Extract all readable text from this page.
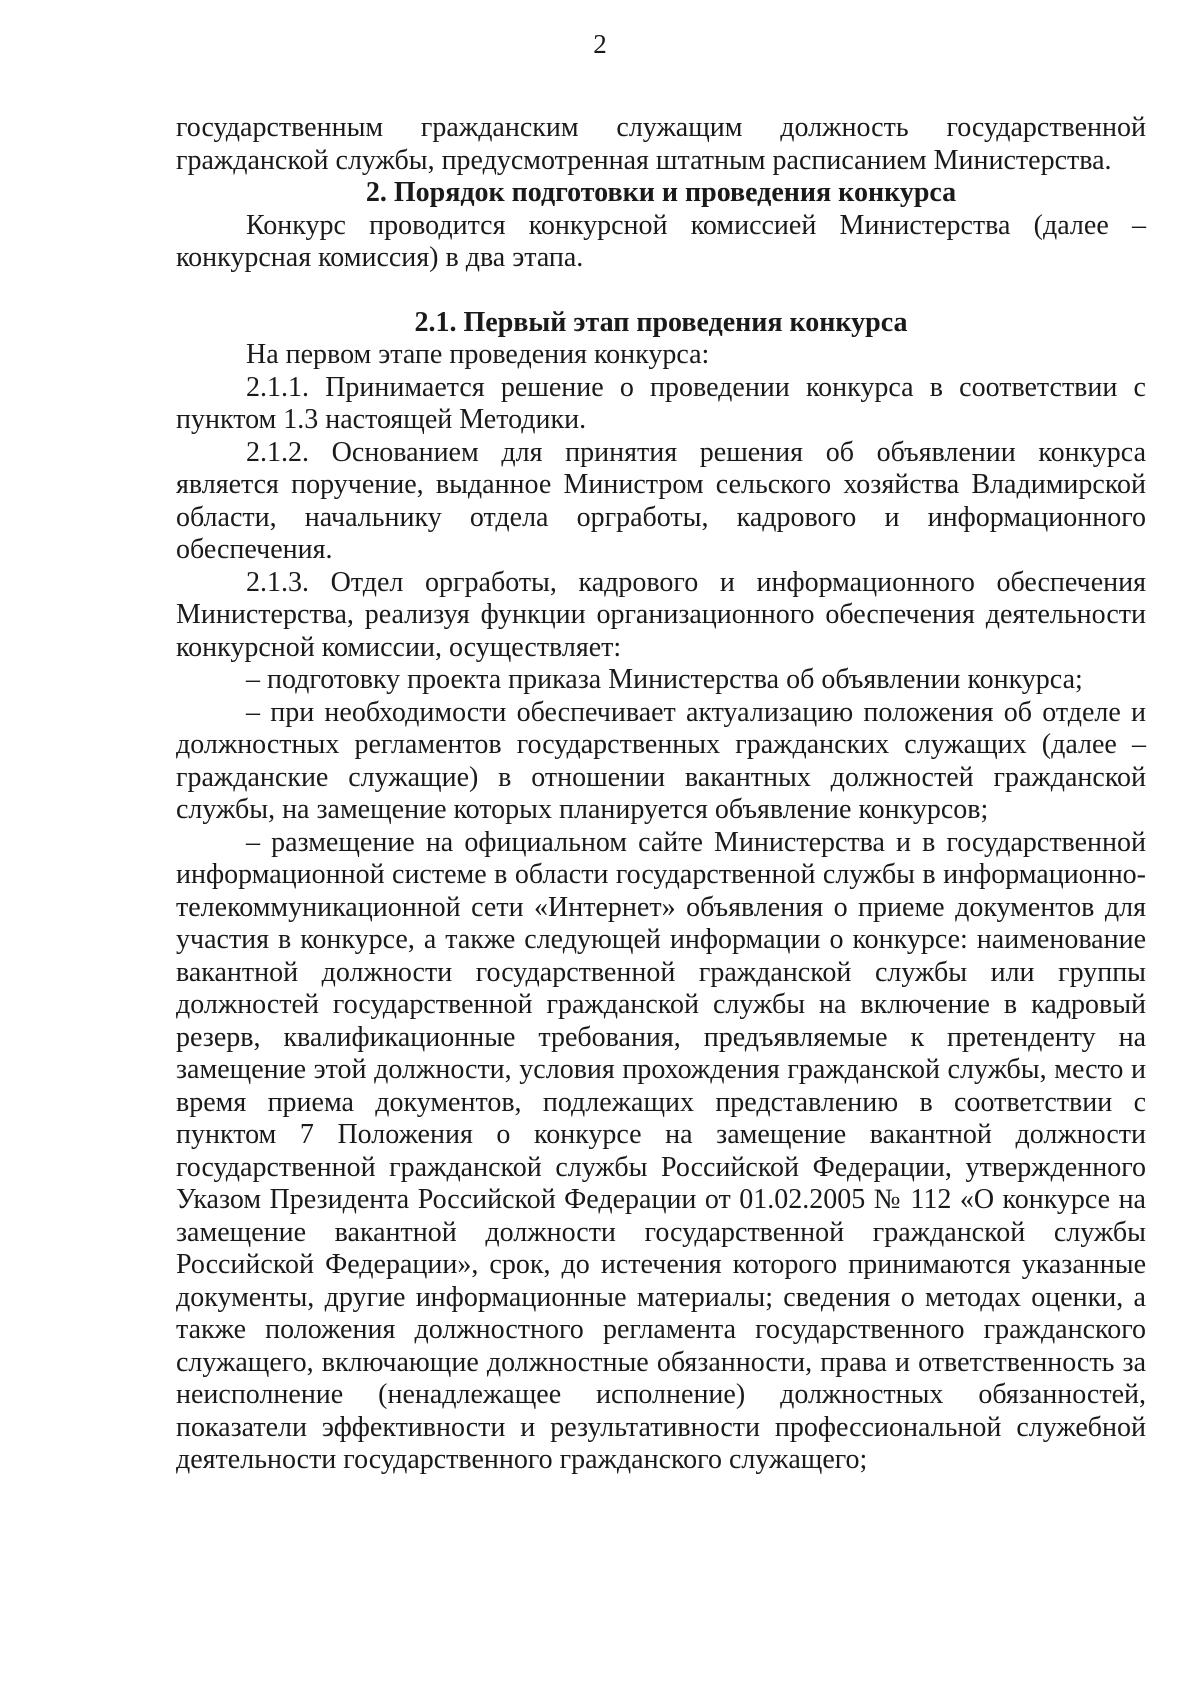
2

государственным гражданским служащим должность государственной гражданской службы, предусмотренная штатным расписанием Министерства.

2. Порядок подготовки и проведения конкурса

Конкурс проводится конкурсной комиссией Министерства (далее – конкурсная комиссия) в два этапа.

2.1. Первый этап проведения конкурса

На первом этапе проведения конкурса:

2.1.1. Принимается решение о проведении конкурса в соответствии с пунктом 1.3 настоящей Методики.

2.1.2. Основанием для принятия решения об объявлении конкурса является поручение, выданное Министром сельского хозяйства Владимирской области, начальнику отдела оргработы, кадрового и информационного обеспечения.

2.1.3. Отдел оргработы, кадрового и информационного обеспечения Министерства, реализуя функции организационного обеспечения деятельности конкурсной комиссии, осуществляет:

– подготовку проекта приказа Министерства об объявлении конкурса;

– при необходимости обеспечивает актуализацию положения об отделе и должностных регламентов государственных гражданских служащих (далее – гражданские служащие) в отношении вакантных должностей гражданской службы, на замещение которых планируется объявление конкурсов;

– размещение на официальном сайте Министерства и в государственной информационной системе в области государственной службы в информационно-телекоммуникационной сети «Интернет» объявления о приеме документов для участия в конкурсе, а также следующей информации о конкурсе: наименование вакантной должности государственной гражданской службы или группы должностей государственной гражданской службы на включение в кадровый резерв, квалификационные требования, предъявляемые к претенденту на замещение этой должности, условия прохождения гражданской службы, место и время приема документов, подлежащих представлению в соответствии с пунктом 7 Положения о конкурсе на замещение вакантной должности государственной гражданской службы Российской Федерации, утвержденного Указом Президента Российской Федерации от 01.02.2005 № 112 «О конкурсе на замещение вакантной должности государственной гражданской службы Российской Федерации», срок, до истечения которого принимаются указанные документы, другие информационные материалы; сведения о методах оценки, а также положения должностного регламента государственного гражданского служащего, включающие должностные обязанности, права и ответственность за неисполнение (ненадлежащее исполнение) должностных обязанностей, показатели эффективности и результативности профессиональной служебной деятельности государственного гражданского служащего;
